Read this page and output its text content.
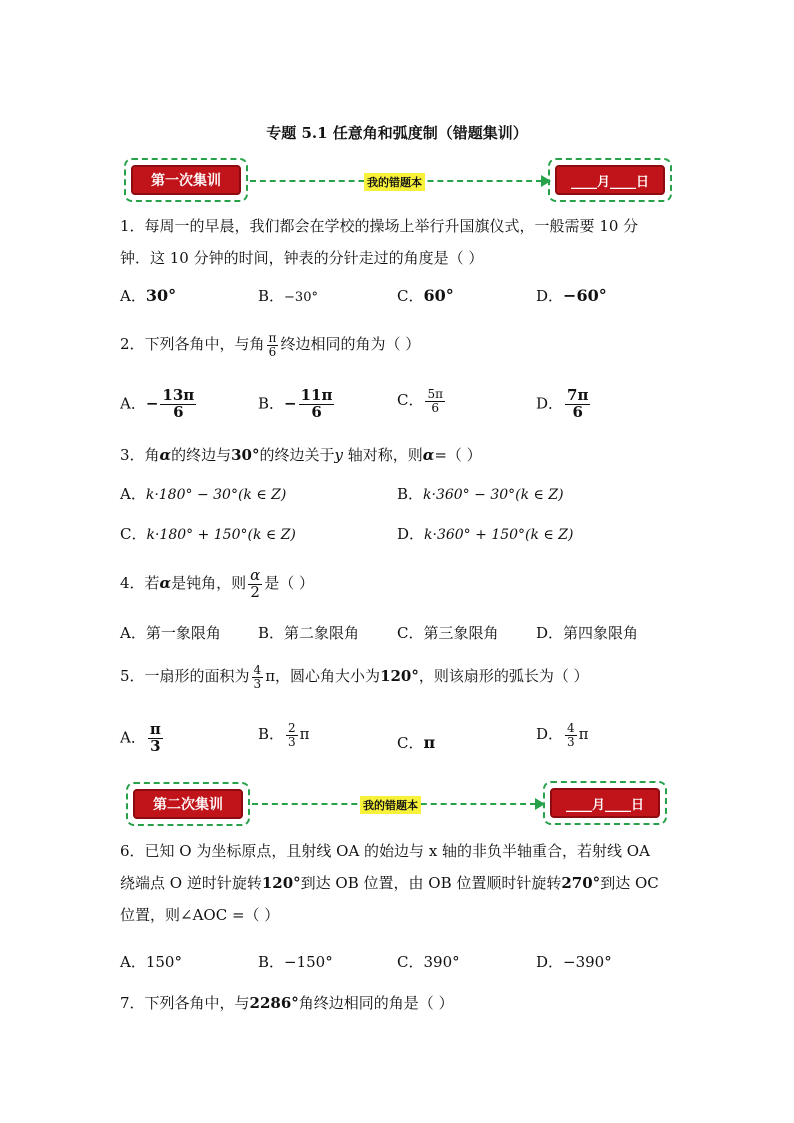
专题 5.1 任意角和弧度制（错题集训）
第一次集训	我的错题本	____月____日
1．每周一的早晨，我们都会在学校的操场上举行升国旗仪式，一般需要 10 分
钟．这 10 分钟的时间，钟表的分针走过的角度是（ ）
A．30°	B．−30°	C．60°	D．−60°
2．下列各角中，与角 $\frac{\pi}{6}$ 终边相同的角为（ ）
A．− $\frac{13\pi}{6}$	B．− $\frac{11\pi}{6}$	C． $\frac{5\pi}{6}$	D． $\frac{7\pi}{6}$
3．角α的终边与30°的终边关于y 轴对称，则α=（ ）
A．k·180° − 30°(k ∈ Z)	B．k·360° − 30°(k ∈ Z)
C．k·180° + 150°(k ∈ Z)	D．k·360° + 150°(k ∈ Z)
4．若α是钝角，则 $\frac{\alpha}{2}$ 是（ ）
A．第一象限角 B．第二象限角	C．第三象限角	D．第四象限角
5．一扇形的面积为 $\frac{4}{3}$ π，圆心角大小为120°，则该扇形的弧长为（ ）
A． $\frac{\pi}{3}$	B． $\frac{2}{3}$ π	C．π	D． $\frac{4}{3}$ π
第二次集训	我的错题本	____月____日
6．已知 O 为坐标原点，且射线 OA 的始边与 x 轴的非负半轴重合，若射线 OA
绕端点 O 逆时针旋转120°到达 OB 位置，由 OB 位置顺时针旋转270°到达 OC
位置，则∠AOC =（ ）
A．150°	B．−150°	C．390°	D．−390°
7．下列各角中，与2286°角终边相同的角是（ ）
